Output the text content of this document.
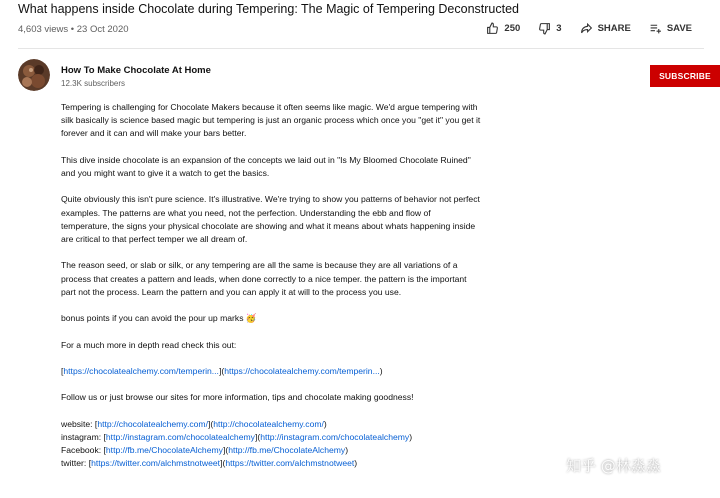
What happens inside Chocolate during Tempering: The Magic of Tempering Deconstructed
4,603 views • 23 Oct 2020	250	3	SHARE	SAVE
How To Make Chocolate At Home
12.3K subscribers
SUBSCRIBE

Tempering is challenging for Chocolate Makers because it often seems like magic. We'd argue tempering with silk basically is science based magic but tempering is just an organic process which once you "get it" you get it forever and it can and will make your bars better.

This dive inside chocolate is an expansion of the concepts we laid out in "Is My Bloomed Chocolate Ruined" and you might want to give it a watch to get the basics.

Quite obviously this isn't pure science. It's illustrative. We're trying to show you patterns of behavior not perfect examples. The patterns are what you need, not the perfection. Understanding the ebb and flow of temperature, the signs your physical chocolate are showing and what it means about whats happening inside are critical to that perfect temper we all dream of.

The reason seed, or slab or silk, or any tempering are all the same is because they are all variations of a process that creates a pattern and leads, when done correctly to a nice temper. the pattern is the important part not the process. Learn the pattern and you can apply it at will to the process you use.

bonus points if you can avoid the pour up marks 🥳

For a much more in depth read check this out:

[https://chocolatealchemy.com/temperin...](https://chocolatealchemy.com/temperin...)

Follow us or just browse our sites for more information, tips and chocolate making goodness!

website: [http://chocolatealchemy.com/](http://chocolatealchemy.com/)

instagram: [http://instagram.com/chocolatealchemy](http://instagram.com/chocolatealchemy)

Facebook: [http://fb.me/ChocolateAlchemy](http://fb.me/ChocolateAlchemy)

twitter: [https://twitter.com/alchmstnotweet](https://twitter.com/alchmstnotweet)	知乎 @林淼淼
